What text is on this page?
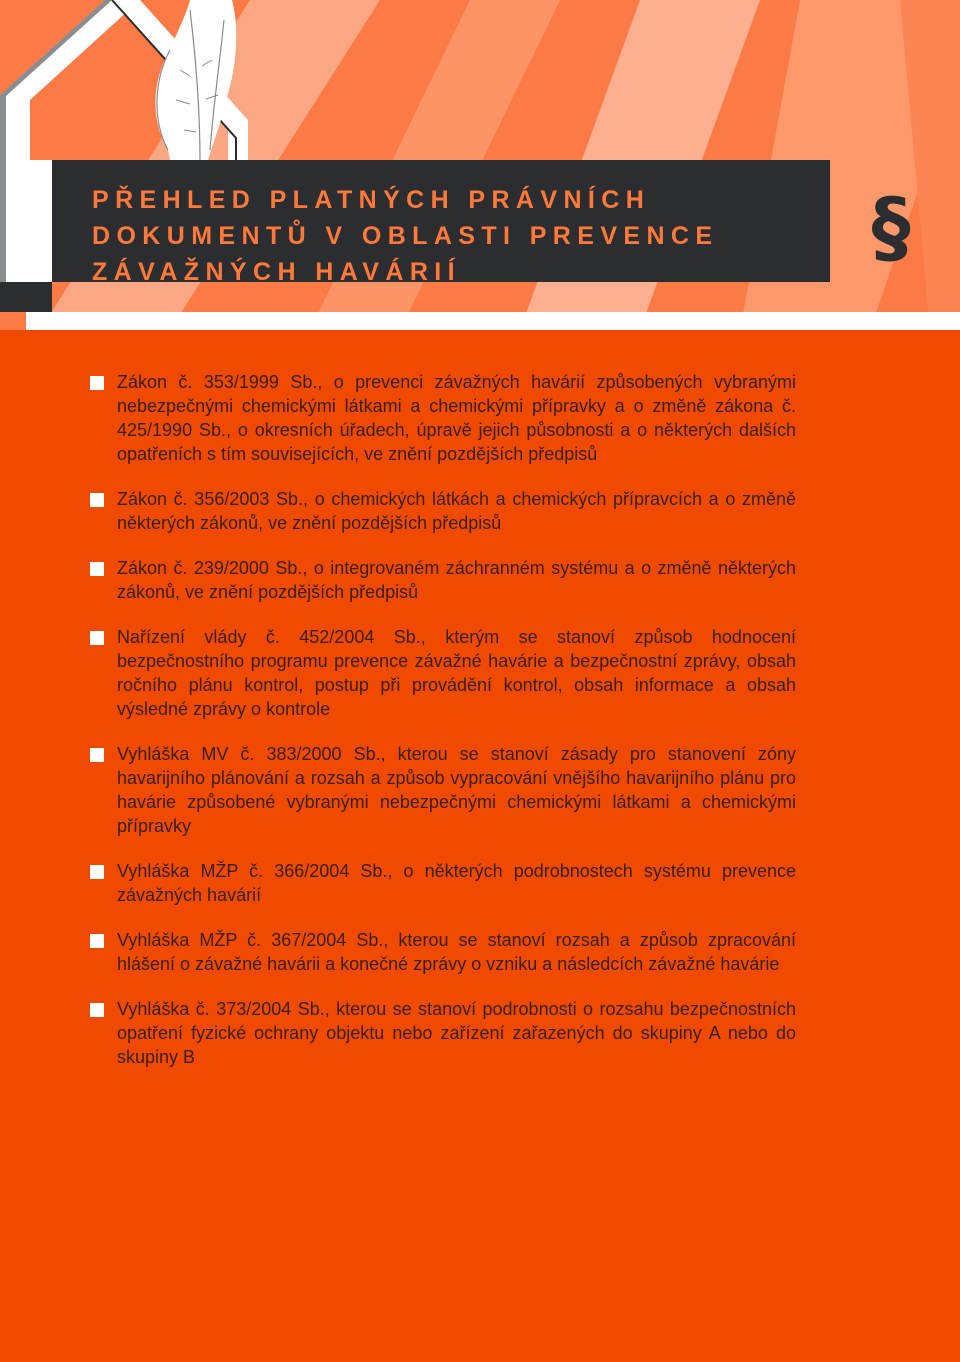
PŘEHLED PLATNÝCH PRÁVNÍCH
DOKUMENTŮ V OBLASTI PREVENCE
ZÁVAŽNÝCH HAVÁRIÍ	§
Zákon č. 353/1999 Sb., o prevenci závažných havárií způsobených vybranými nebezpečnými chemickými látkami a chemickými přípravky a o změně zákona č. 425/1990 Sb., o okresních úřadech, úpravě jejich působnosti a o některých dalších opatřeních s tím souvisejících, ve znění pozdějších předpisů
Zákon č. 356/2003 Sb., o chemických látkách a chemických přípravcích a o změně některých zákonů, ve znění pozdějších předpisů
Zákon č. 239/2000 Sb., o integrovaném záchranném systému a o změně některých zákonů, ve znění pozdějších předpisů
Nařízení vlády č. 452/2004 Sb., kterým se stanoví způsob hodnocení bezpečnostního programu prevence závažné havárie a bezpečnostní zprávy, obsah ročního plánu kontrol, postup při provádění kontrol, obsah informace a obsah výsledné zprávy o kontrole
Vyhláška MV č. 383/2000 Sb., kterou se stanoví zásady pro stanovení zóny havarijního plánování a rozsah a způsob vypracování vnějšího havarijního plánu pro havárie způsobené vybranými nebezpečnými chemickými látkami a chemickými přípravky
Vyhláška MŽP č. 366/2004 Sb., o některých podrobnostech systému prevence závažných havárií
Vyhláška MŽP č. 367/2004 Sb., kterou se stanoví rozsah a způsob zpracování hlášení o závažné havárii a konečné zprávy o vzniku a následcích závažné havárie
Vyhláška č. 373/2004 Sb., kterou se stanoví podrobnosti o rozsahu bezpečnostních opatření fyzické ochrany objektu nebo zařízení zařazených do skupiny A nebo do skupiny B
